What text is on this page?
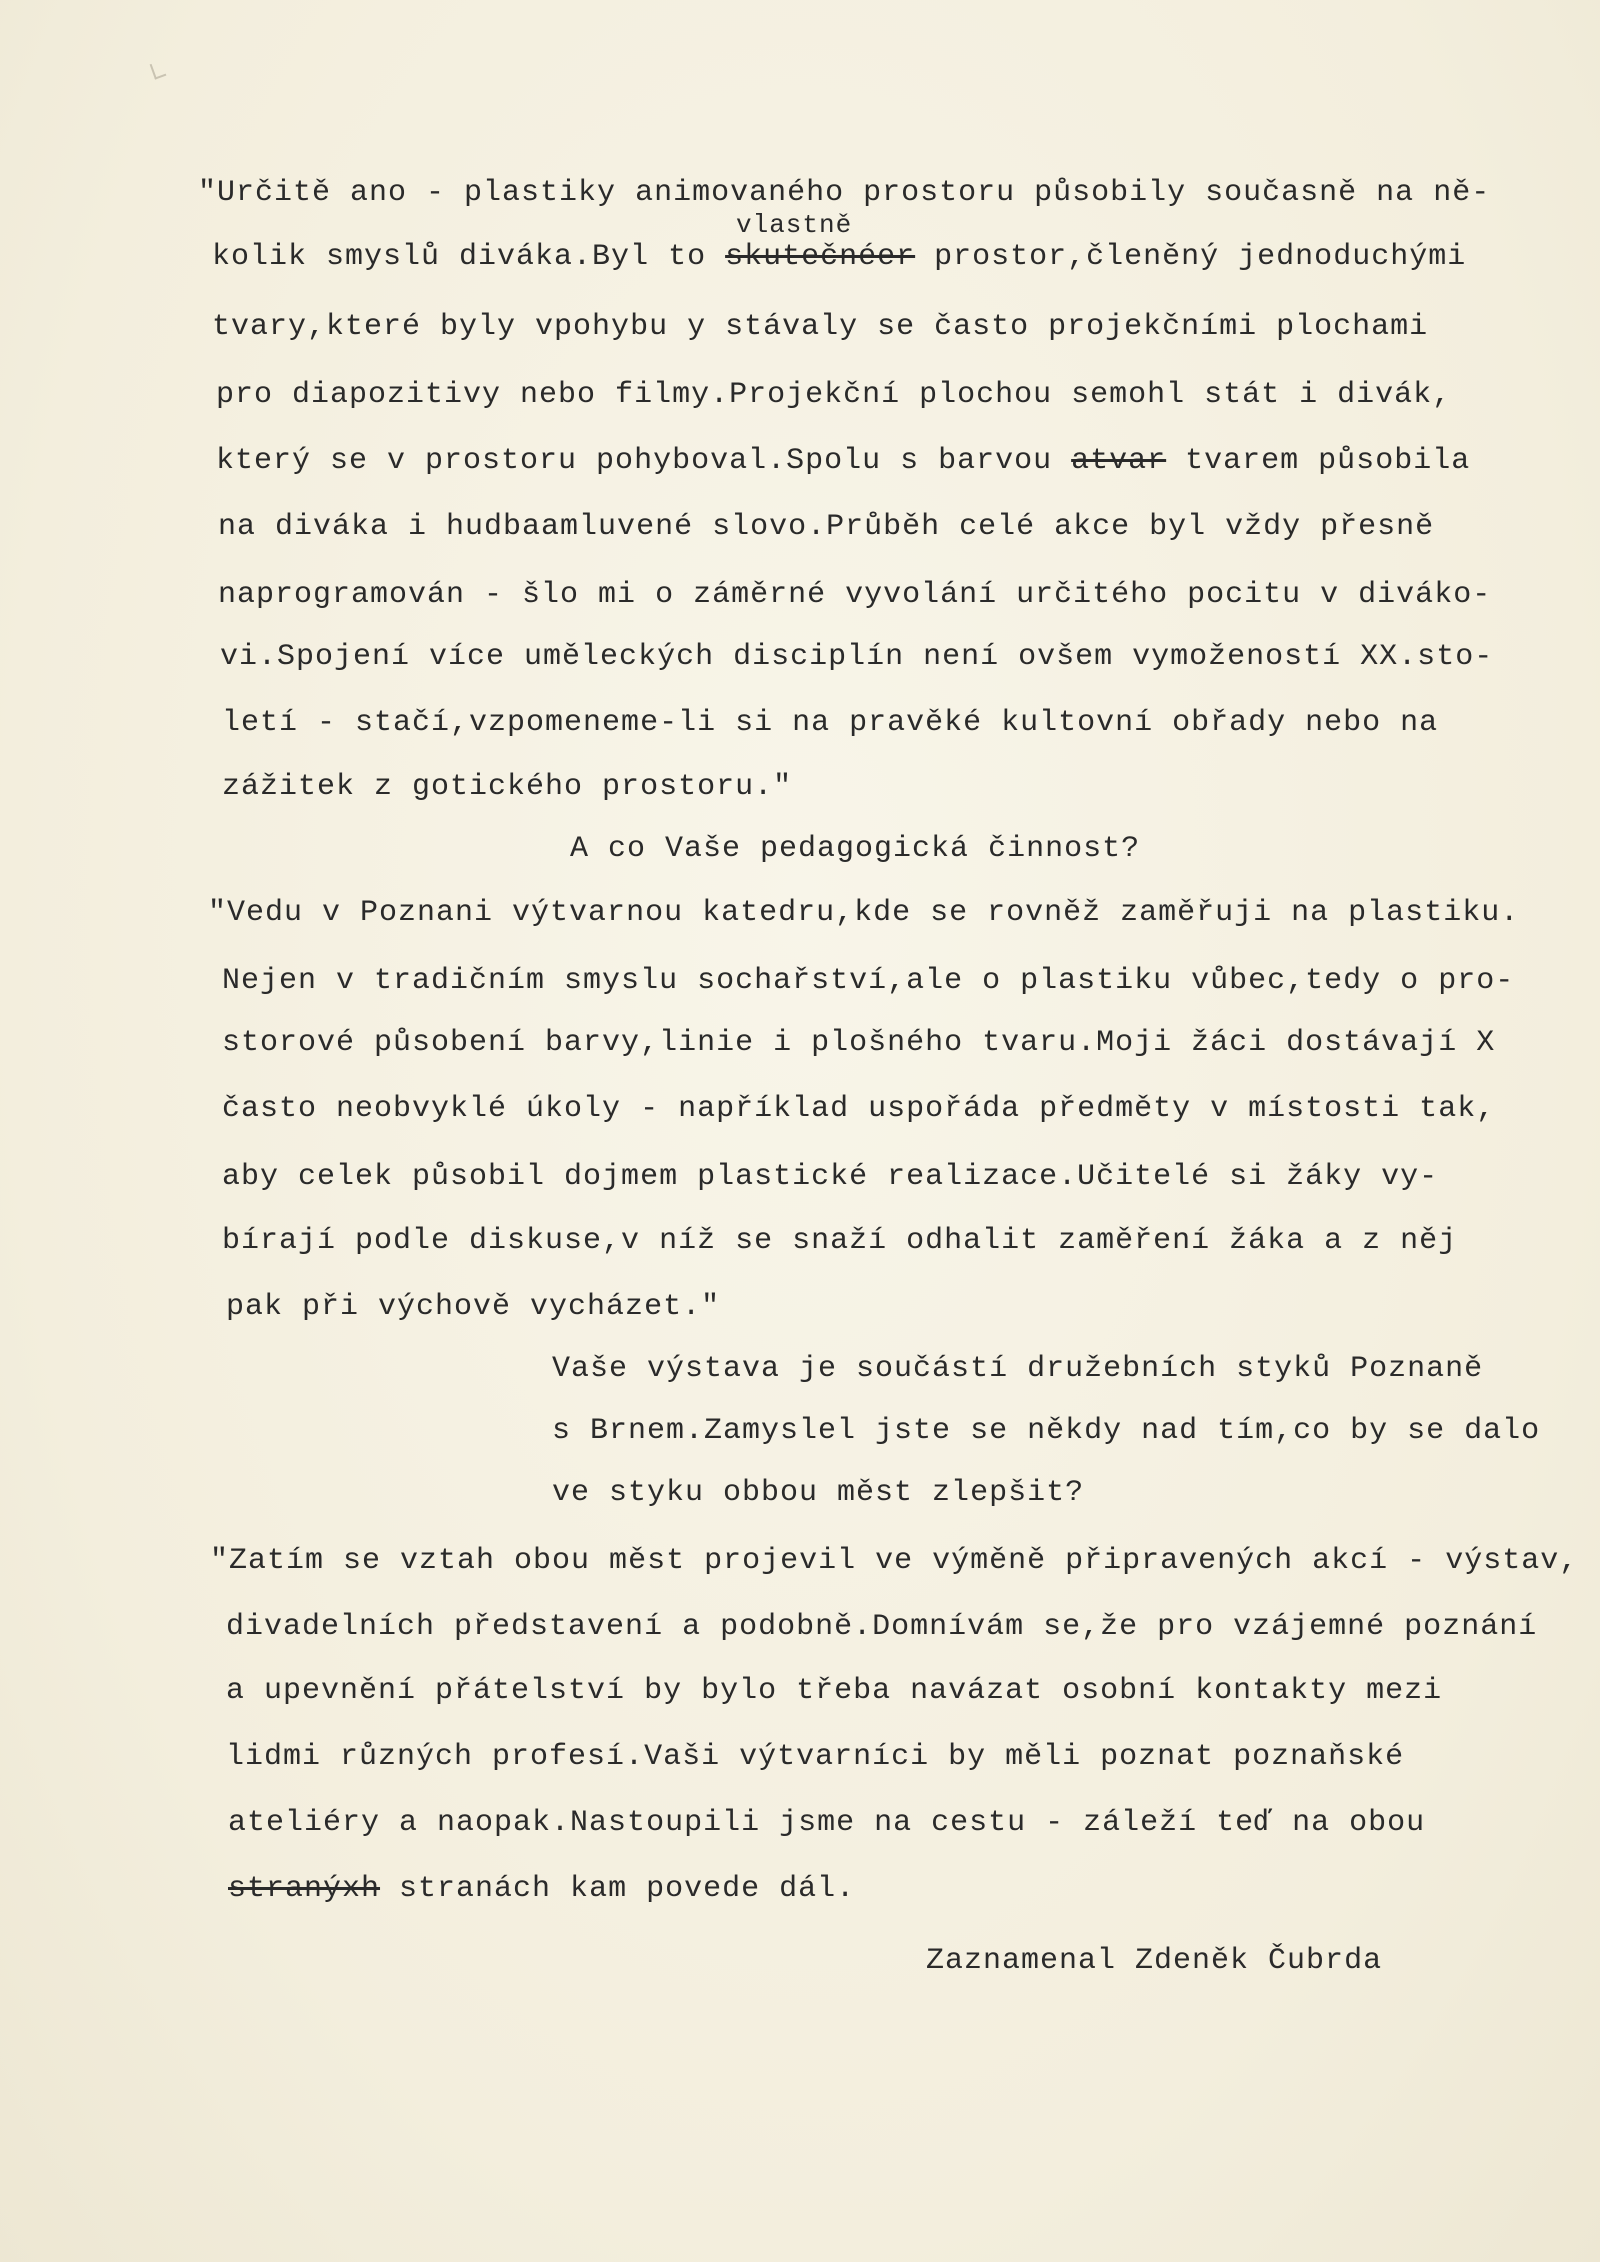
"Určitě ano - plastiky animovaného prostoru působily současně na ně-
vlastně
kolik smyslů diváka.Byl to skutečnéer prostor,členěný jednoduchými
tvary,které byly vpohybu y stávaly se často projekčními plochami
pro diapozitivy nebo filmy.Projekční plochou semohl stát i divák,
který se v prostoru pohyboval.Spolu s barvou atvar tvarem působila
na diváka i hudbaamluvené slovo.Průběh celé akce byl vždy přesně
naprogramován - šlo mi o záměrné vyvolání určitého pocitu v diváko-
vi.Spojení více uměleckých disciplín není ovšem vymožeností XX.sto-
letí - stačí,vzpomeneme-li si na pravěké kultovní obřady nebo na
zážitek z gotického prostoru."
A co Vaše pedagogická činnost?
"Vedu v Poznani výtvarnou katedru,kde se rovněž zaměřuji na plastiku.
Nejen v tradičním smyslu sochařství,ale o plastiku vůbec,tedy o pro-
storové působení barvy,linie i plošného tvaru.Moji žáci dostávají X
často neobvyklé úkoly - například uspořáda předměty v místosti tak,
aby celek působil dojmem plastické realizace.Učitelé si žáky vy-
bírají podle diskuse,v níž se snaží odhalit zaměření žáka a z něj
pak při výchově vycházet."
Vaše výstava je součástí družebních styků Poznaně
s Brnem.Zamyslel jste se někdy nad tím,co by se dalo
ve styku obbou měst zlepšit?
"Zatím se vztah obou měst projevil ve výměně připravených akcí - výstav,
divadelních představení a podobně.Domnívám se,že pro vzájemné poznání
a upevnění přátelství by bylo třeba navázat osobní kontakty mezi
lidmi různých profesí.Vaši výtvarníci by měli poznat poznaňské
ateliéry a naopak.Nastoupili jsme na cestu - záleží teď na obou
stranýxh stranách kam povede dál.
Zaznamenal Zdeněk Čubrda
